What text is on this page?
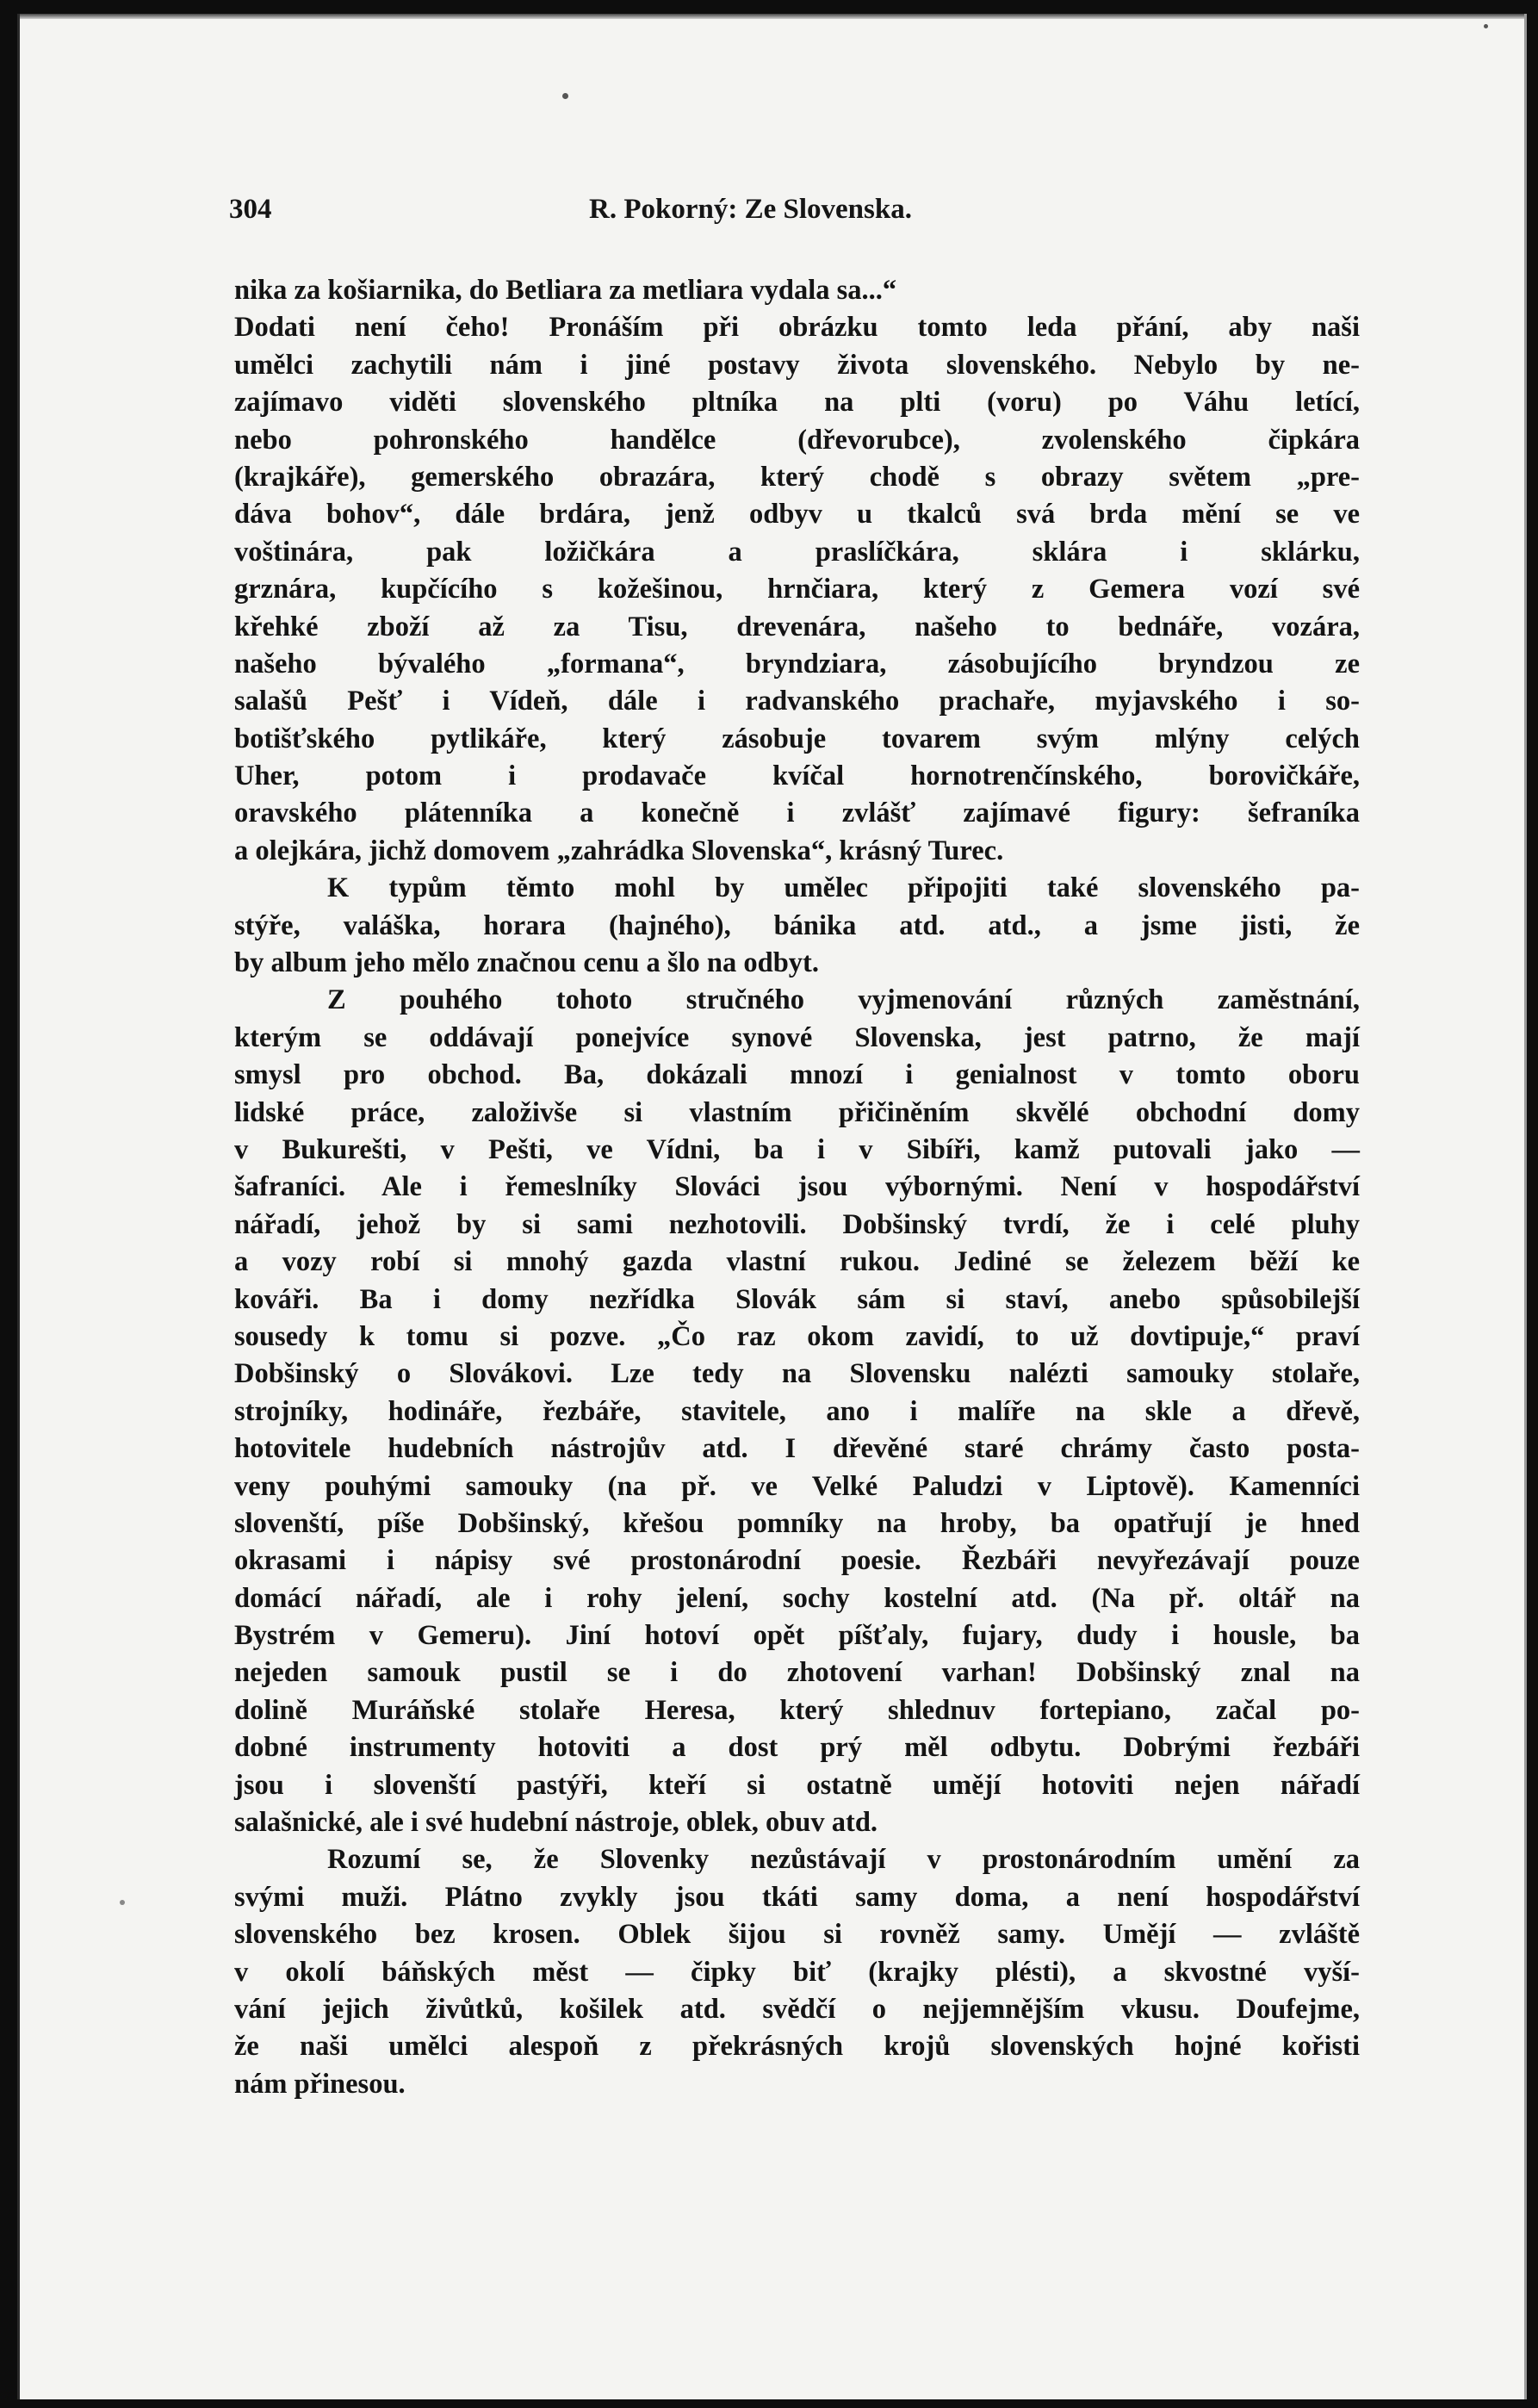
304	R. Pokorný: Ze Slovenska.
nika za košiarnika, do Betliara za metliara vydala sa...“
Dodati není čeho! Pronáším při obrázku tomto leda přání, aby naši
umělci zachytili nám i jiné postavy života slovenského. Nebylo by ne-
zajímavo viděti slovenského pltníka na plti (voru) po Váhu letící,
nebo pohronského handělce (dřevorubce), zvolenského čipkára
(krajkáře), gemerského obrazára, který chodě s obrazy světem „pre-
dáva bohov“, dále brdára, jenž odbyv u tkalců svá brda mění se ve
voštinára, pak ložičkára a praslíčkára, sklára i sklárku,
grznára, kupčícího s kožešinou, hrnčiara, který z Gemera vozí své
křehké zboží až za Tisu, drevenára, našeho to bednáře, vozára,
našeho bývalého „formana“, bryndziara, zásobujícího bryndzou ze
salašů Pešť i Vídeň, dále i radvanského prachaře, myjavského i so-
botišťského pytlikáře, který zásobuje tovarem svým mlýny celých
Uher, potom i prodavače kvíčal hornotrenčínského, borovičkáře,
oravského plátenníka a konečně i zvlášť zajímavé figury: šefraníka
a olejkára, jichž domovem „zahrádka Slovenska“, krásný Turec.
K typům těmto mohl by umělec připojiti také slovenského pa-
stýře, valáška, horara (hajného), bánika atd. atd., a jsme jisti, že
by album jeho mělo značnou cenu a šlo na odbyt.
Z pouhého tohoto stručného vyjmenování různých zaměstnání,
kterým se oddávají ponejvíce synové Slovenska, jest patrno, že mají
smysl pro obchod. Ba, dokázali mnozí i genialnost v tomto oboru
lidské práce, založivše si vlastním přičiněním skvělé obchodní domy
v Bukurešti, v Pešti, ve Vídni, ba i v Sibíři, kamž putovali jako —
šafraníci. Ale i řemeslníky Slováci jsou výbornými. Není v hospodářství
nářadí, jehož by si sami nezhotovili. Dobšinský tvrdí, že i celé pluhy
a vozy robí si mnohý gazda vlastní rukou. Jediné se železem běží ke
kováři. Ba i domy nezřídka Slovák sám si staví, anebo spůsobilejší
sousedy k tomu si pozve. „Čo raz okom zavidí, to už dovtipuje,“ praví
Dobšinský o Slovákovi. Lze tedy na Slovensku nalézti samouky stolaře,
strojníky, hodináře, řezbáře, stavitele, ano i malíře na skle a dřevě,
hotovitele hudebních nástrojův atd. I dřevěné staré chrámy často posta-
veny pouhými samouky (na př. ve Velké Paludzi v Liptově). Kamenníci
slovenští, píše Dobšinský, křešou pomníky na hroby, ba opatřují je hned
okrasami i nápisy své prostonárodní poesie. Řezbáři nevyřezávají pouze
domácí nářadí, ale i rohy jelení, sochy kostelní atd. (Na př. oltář na
Bystrém v Gemeru). Jiní hotoví opět píšťaly, fujary, dudy i housle, ba
nejeden samouk pustil se i do zhotovení varhan! Dobšinský znal na
dolině Muráňské stolaře Heresa, který shlednuv fortepiano, začal po-
dobné instrumenty hotoviti a dost prý měl odbytu. Dobrými řezbáři
jsou i slovenští pastýři, kteří si ostatně umějí hotoviti nejen nářadí
salašnické, ale i své hudební nástroje, oblek, obuv atd.
Rozumí se, že Slovenky nezůstávají v prostonárodním umění za
svými muži. Plátno zvykly jsou tkáti samy doma, a není hospodářství
slovenského bez krosen. Oblek šijou si rovněž samy. Umějí — zvláště
v okolí báňských měst — čipky biť (krajky plésti), a skvostné vyší-
vání jejich živůtků, košilek atd. svědčí o nejjemnějším vkusu. Doufejme,
že naši umělci alespoň z překrásných krojů slovenských hojné kořisti
nám přinesou.
